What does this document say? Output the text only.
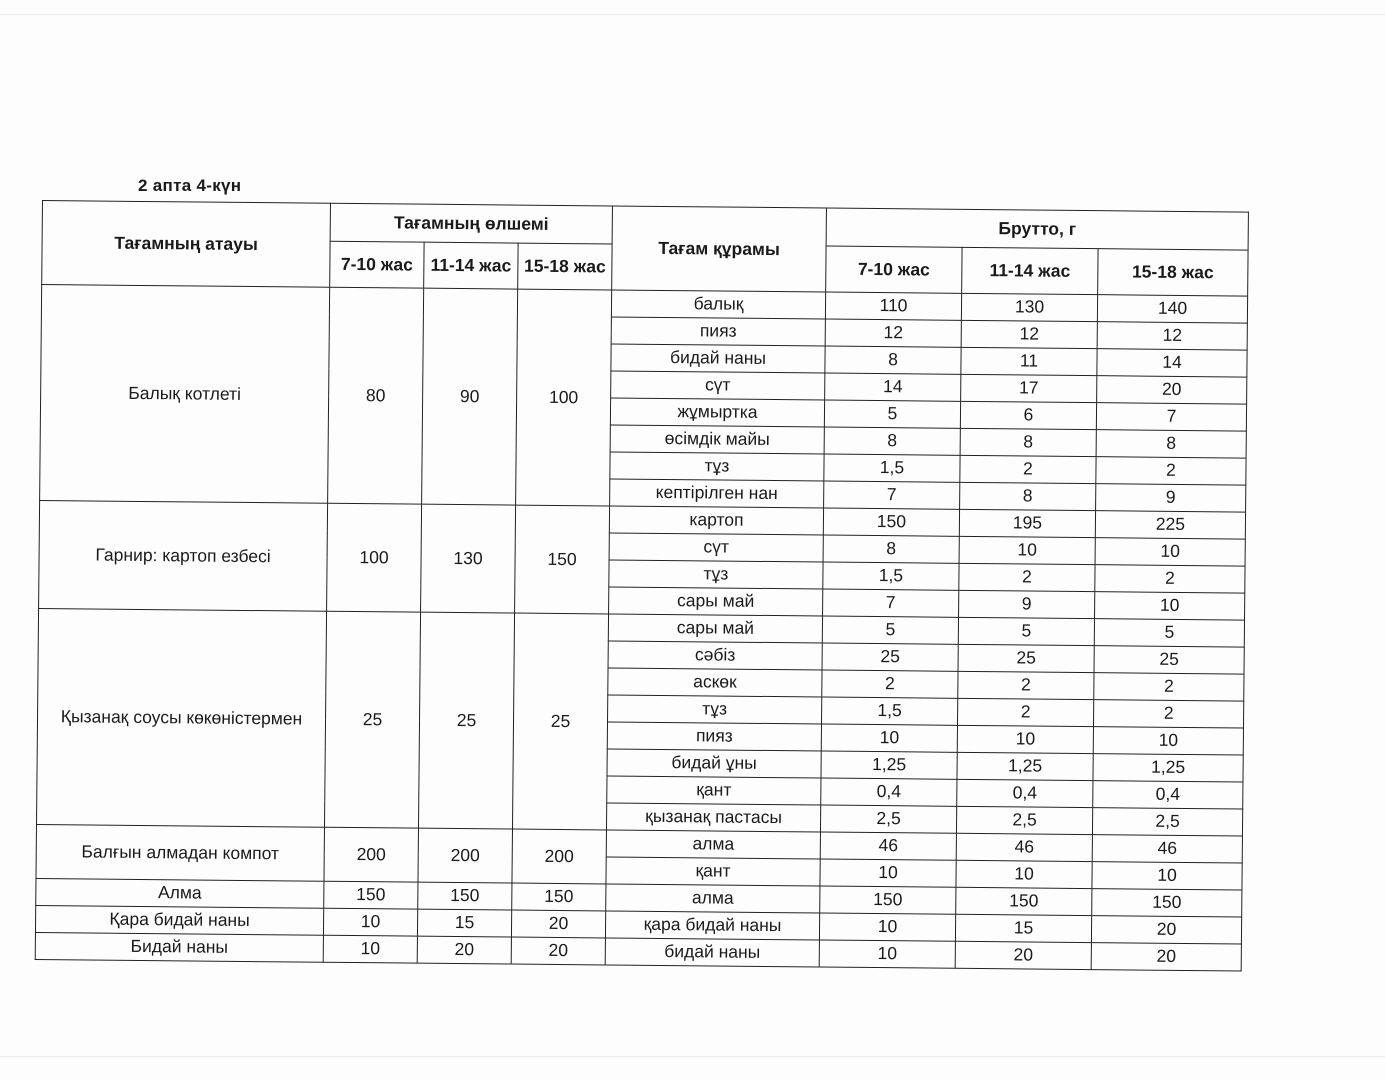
2 апта 4-күн
Тағамның атауы	Тағамның өлшемі			Тағам құрамы	Брутто, г		
	7-10 жас	11-14 жас	15-18 жас		7-10 жас	11-14 жас	15-18 жас
Балық котлеті	80	90	100	балық	110	130	140
				пияз	12	12	12
				бидай наны	8	11	14
				сүт	14	17	20
				жұмыртка	5	6	7
				өсімдік майы	8	8	8
				тұз	1,5	2	2
				кептірілген нан	7	8	9
Гарнир: картоп езбесі	100	130	150	картоп	150	195	225
				сүт	8	10	10
				тұз	1,5	2	2
				сары май	7	9	10
Қызанақ соусы көкөністермен	25	25	25	сары май	5	5	5
				сәбіз	25	25	25
				аскөк	2	2	2
				тұз	1,5	2	2
				пияз	10	10	10
				бидай ұны	1,25	1,25	1,25
				қант	0,4	0,4	0,4
				қызанақ пастасы	2,5	2,5	2,5
Балғын алмадан компот	200	200	200	алма	46	46	46
				қант	10	10	10
Алма	150	150	150	алма	150	150	150
Қара бидай наны	10	15	20	қара бидай наны	10	15	20
Бидай наны	10	20	20	бидай наны	10	20	20
